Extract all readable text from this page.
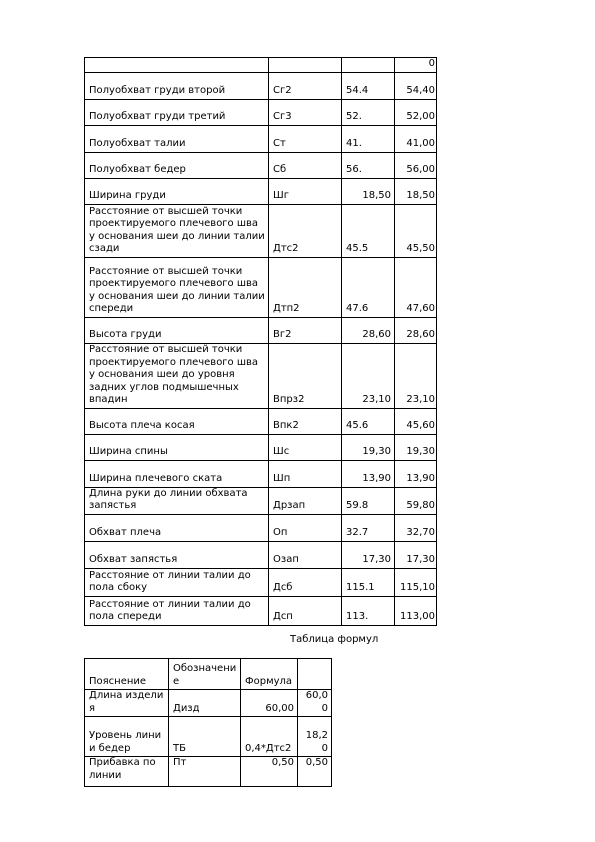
			0
Полуобхват груди второй	Сг2	54.4	54,40
Полуобхват груди третий	Сг3	52.	52,00
Полуобхват талии	Ст	41.	41,00
Полуобхват бедер	Сб	56.	56,00
Ширина груди	Шг	18,50	18,50
Расстояние от высшей точки проектируемого плечевого шва у основания шеи до линии талии сзади	Дтс2	45.5	45,50
Расстояние от высшей точки проектируемого плечевого шва у основания шеи до линии талии спереди	Дтп2	47.6	47,60
Высота груди	Вг2	28,60	28,60
Расстояние от высшей точки проектируемого плечевого шва у основания шеи до уровня задних углов подмышечных впадин	Впрз2	23,10	23,10
Высота плеча косая	Впк2	45.6	45,60
Ширина спины	Шс	19,30	19,30
Ширина плечевого ската	Шп	13,90	13,90
Длина руки до линии обхвата запястья	Дрзап	59.8	59,80
Обхват плеча	Оп	32.7	32,70
Обхват запястья	Озап	17,30	17,30
Расстояние от линии талии до пола сбоку	Дсб	115.1	115,10
Расстояние от линии талии до пола спереди	Дсп	113.	113,00
Таблица формул
Пояснение	Обозначение	Формула	
Длина изделия	Дизд	60,00	60,00
Уровень линии бедер	ТБ	0,4*Дтс2	18,20
Прибавка по линии	Пт	0,50	0,50
